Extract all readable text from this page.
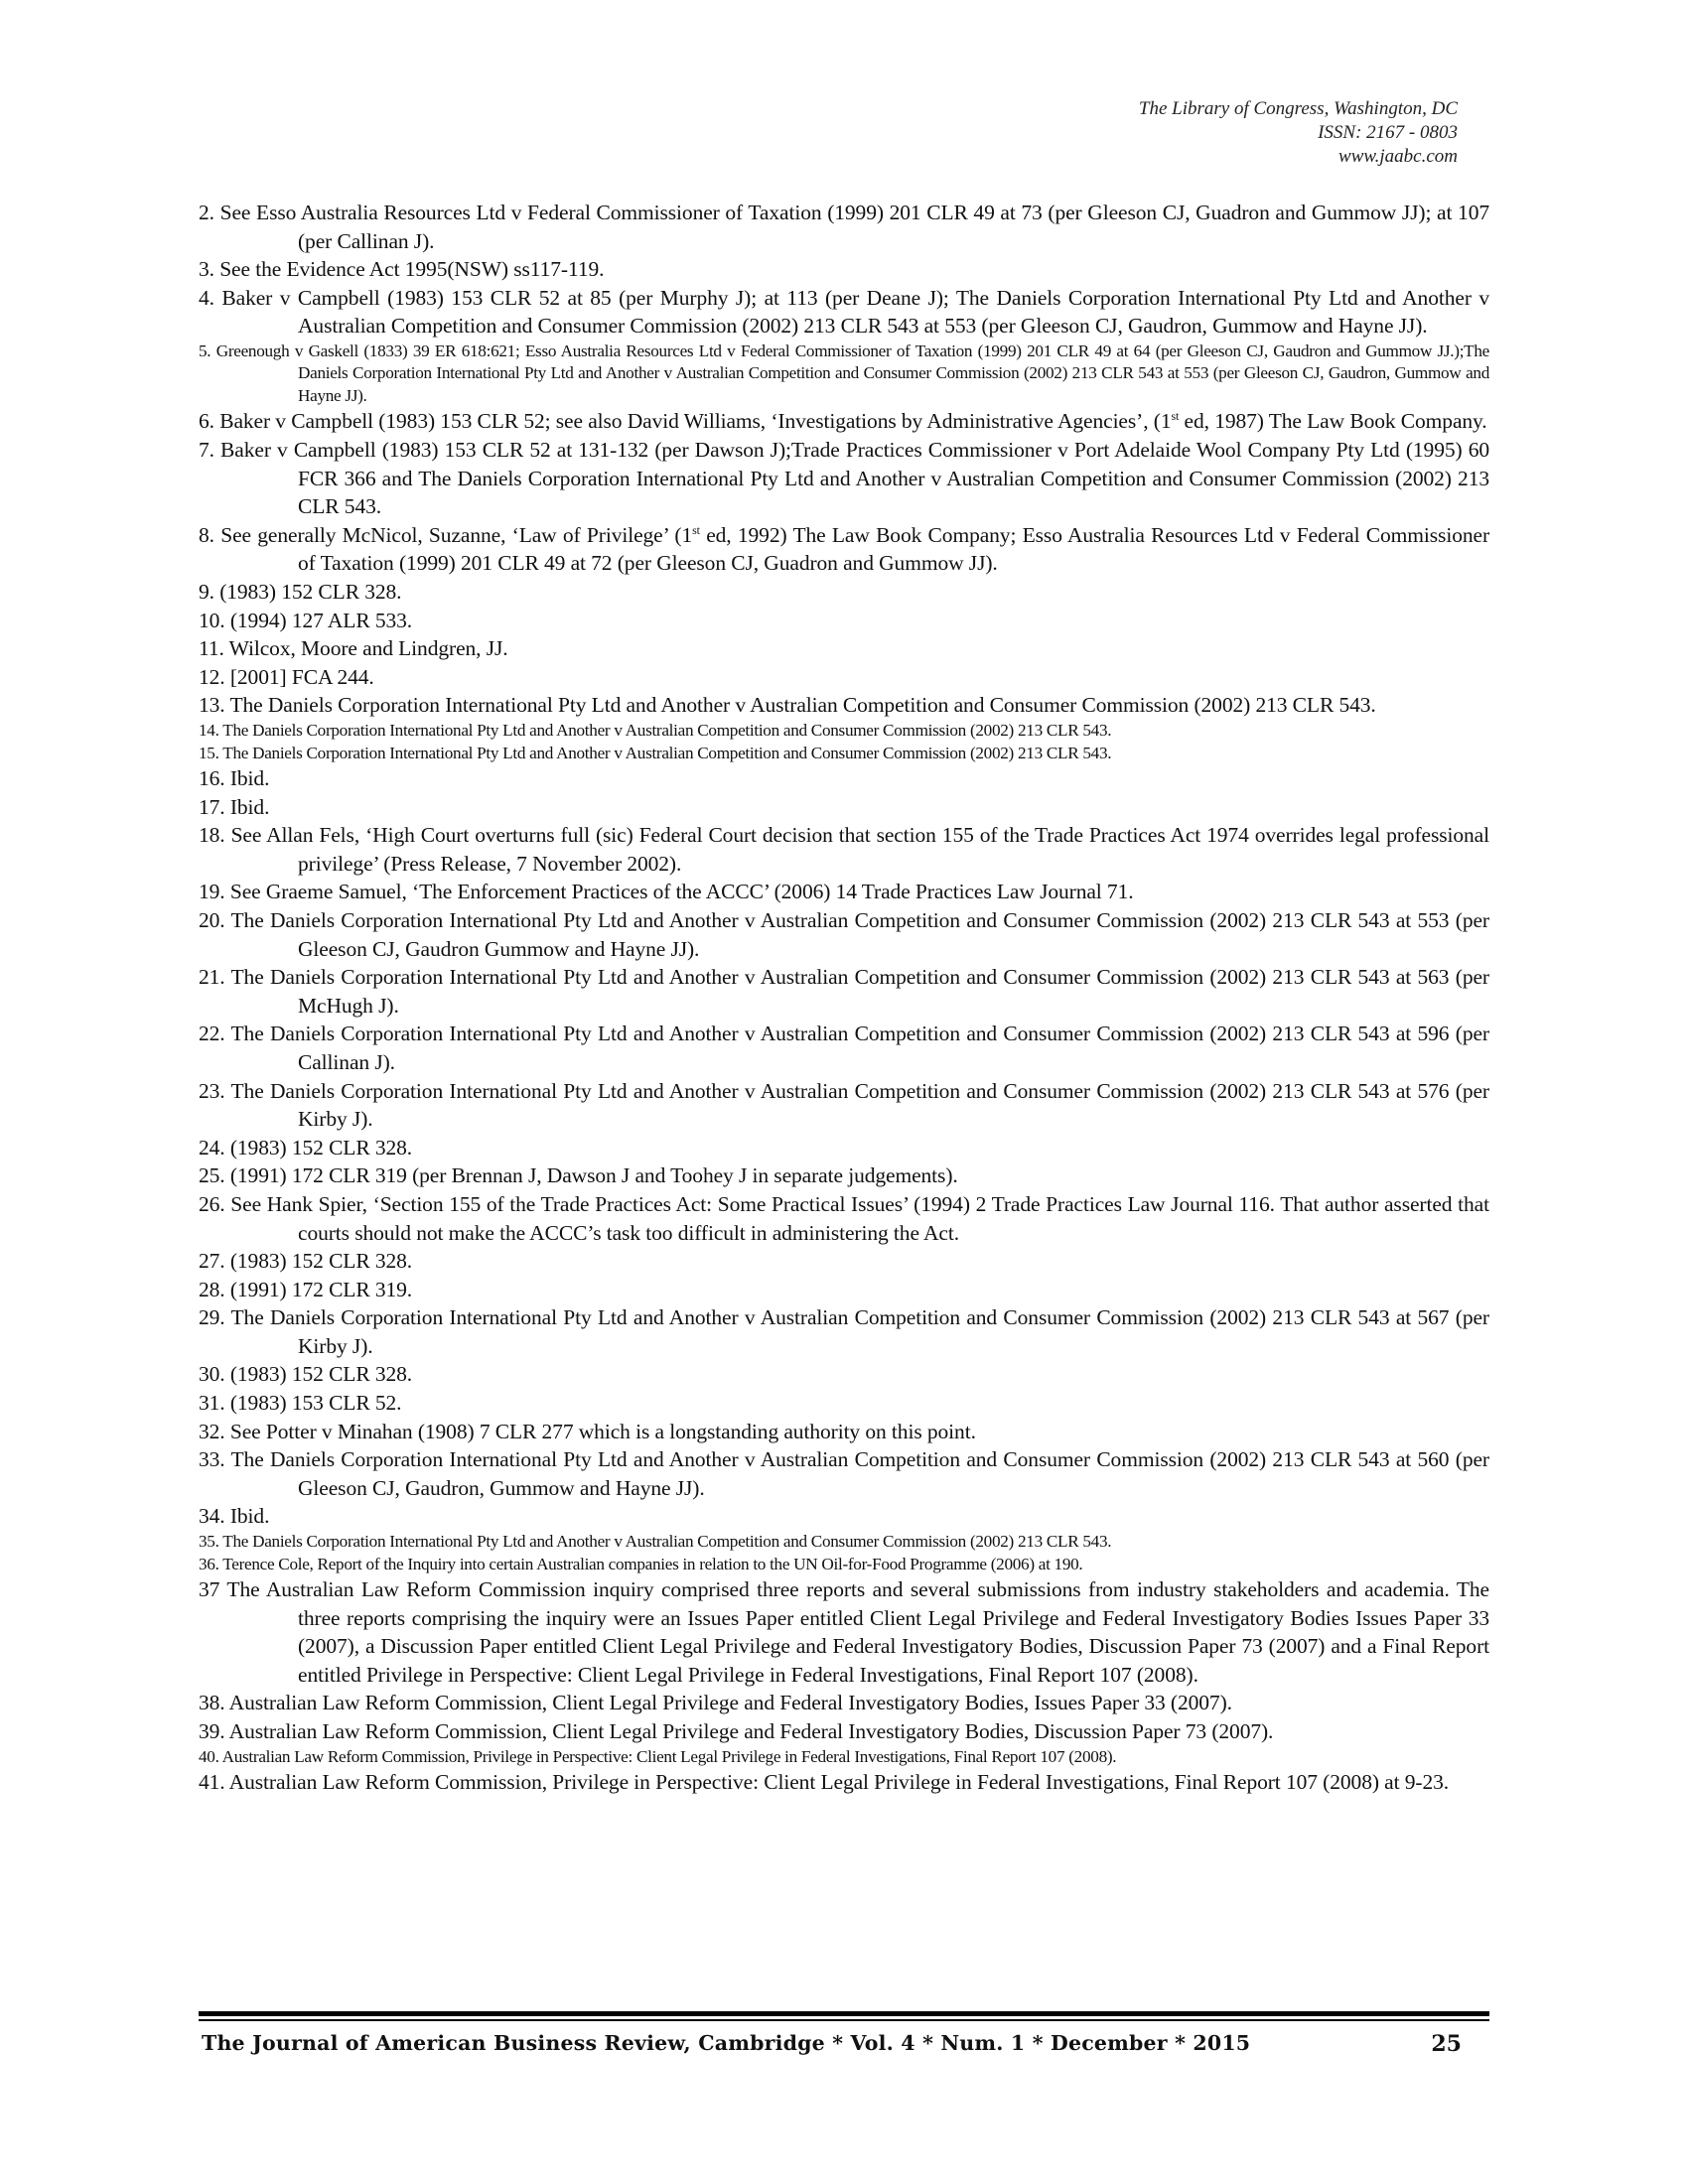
The Library of Congress, Washington, DC
ISSN: 2167 - 0803
www.jaabc.com

2. See Esso Australia Resources Ltd v Federal Commissioner of Taxation (1999) 201 CLR 49 at 73 (per Gleeson CJ, Guadron and Gummow JJ); at 107 (per Callinan J).

3. See the Evidence Act 1995(NSW) ss117-119.

4. Baker v Campbell (1983) 153 CLR 52 at 85 (per Murphy J); at 113 (per Deane J); The Daniels Corporation International Pty Ltd and Another v Australian Competition and Consumer Commission (2002) 213 CLR 543 at 553 (per Gleeson CJ, Gaudron, Gummow and Hayne JJ).

5. Greenough v Gaskell (1833) 39 ER 618:621; Esso Australia Resources Ltd v Federal Commissioner of Taxation (1999) 201 CLR 49 at 64 (per Gleeson CJ, Gaudron and Gummow JJ.);The Daniels Corporation International Pty Ltd and Another v Australian Competition and Consumer Commission (2002) 213 CLR 543 at 553 (per Gleeson CJ, Gaudron, Gummow and Hayne JJ).

6. Baker v Campbell (1983) 153 CLR 52; see also David Williams, ‘Investigations by Administrative Agencies’, (1st ed, 1987) The Law Book Company.

7. Baker v Campbell (1983) 153 CLR 52 at 131-132 (per Dawson J);Trade Practices Commissioner v Port Adelaide Wool Company Pty Ltd (1995) 60 FCR 366 and The Daniels Corporation International Pty Ltd and Another v Australian Competition and Consumer Commission (2002) 213 CLR 543.

8. See generally McNicol, Suzanne, ‘Law of Privilege’ (1st ed, 1992) The Law Book Company; Esso Australia Resources Ltd v Federal Commissioner of Taxation (1999) 201 CLR 49 at 72 (per Gleeson CJ, Guadron and Gummow JJ).

9. (1983) 152 CLR 328.

10. (1994) 127 ALR 533.

11. Wilcox, Moore and Lindgren, JJ.

12. [2001] FCA 244.

13. The Daniels Corporation International Pty Ltd and Another v Australian Competition and Consumer Commission (2002) 213 CLR 543.

14. The Daniels Corporation International Pty Ltd and Another v Australian Competition and Consumer Commission (2002) 213 CLR 543.

15. The Daniels Corporation International Pty Ltd and Another v Australian Competition and Consumer Commission (2002) 213 CLR 543.

16. Ibid.

17. Ibid.

18. See Allan Fels, ‘High Court overturns full (sic) Federal Court decision that section 155 of the Trade Practices Act 1974 overrides legal professional privilege’ (Press Release, 7 November 2002).

19. See Graeme Samuel, ‘The Enforcement Practices of the ACCC’ (2006) 14 Trade Practices Law Journal 71.

20. The Daniels Corporation International Pty Ltd and Another v Australian Competition and Consumer Commission (2002) 213 CLR 543 at 553 (per Gleeson CJ, Gaudron Gummow and Hayne JJ).

21. The Daniels Corporation International Pty Ltd and Another v Australian Competition and Consumer Commission (2002) 213 CLR 543 at 563 (per McHugh J).

22. The Daniels Corporation International Pty Ltd and Another v Australian Competition and Consumer Commission (2002) 213 CLR 543 at 596 (per Callinan J).

23. The Daniels Corporation International Pty Ltd and Another v Australian Competition and Consumer Commission (2002) 213 CLR 543 at 576 (per Kirby J).

24. (1983) 152 CLR 328.

25. (1991) 172 CLR 319 (per Brennan J, Dawson J and Toohey J in separate judgements).

26. See Hank Spier, ‘Section 155 of the Trade Practices Act: Some Practical Issues’ (1994) 2 Trade Practices Law Journal 116. That author asserted that courts should not make the ACCC’s task too difficult in administering the Act.

27. (1983) 152 CLR 328.

28. (1991) 172 CLR 319.

29. The Daniels Corporation International Pty Ltd and Another v Australian Competition and Consumer Commission (2002) 213 CLR 543 at 567 (per Kirby J).

30. (1983) 152 CLR 328.

31. (1983) 153 CLR 52.

32. See Potter v Minahan (1908) 7 CLR 277 which is a longstanding authority on this point.

33. The Daniels Corporation International Pty Ltd and Another v Australian Competition and Consumer Commission (2002) 213 CLR 543 at 560 (per Gleeson CJ, Gaudron, Gummow and Hayne JJ).

34. Ibid.

35. The Daniels Corporation International Pty Ltd and Another v Australian Competition and Consumer Commission (2002) 213 CLR 543.

36. Terence Cole, Report of the Inquiry into certain Australian companies in relation to the UN Oil-for-Food Programme (2006) at 190.

37 The Australian Law Reform Commission inquiry comprised three reports and several submissions from industry stakeholders and academia. The three reports comprising the inquiry were an Issues Paper entitled Client Legal Privilege and Federal Investigatory Bodies Issues Paper 33 (2007), a Discussion Paper entitled Client Legal Privilege and Federal Investigatory Bodies, Discussion Paper 73 (2007) and a Final Report entitled Privilege in Perspective: Client Legal Privilege in Federal Investigations, Final Report 107 (2008).

38. Australian Law Reform Commission, Client Legal Privilege and Federal Investigatory Bodies, Issues Paper 33 (2007).

39. Australian Law Reform Commission, Client Legal Privilege and Federal Investigatory Bodies, Discussion Paper 73 (2007).

40. Australian Law Reform Commission, Privilege in Perspective: Client Legal Privilege in Federal Investigations, Final Report 107 (2008).

41. Australian Law Reform Commission, Privilege in Perspective: Client Legal Privilege in Federal Investigations, Final Report 107 (2008) at 9-23.

The Journal of American Business Review, Cambridge * Vol. 4 * Num. 1 * December * 2015	25
